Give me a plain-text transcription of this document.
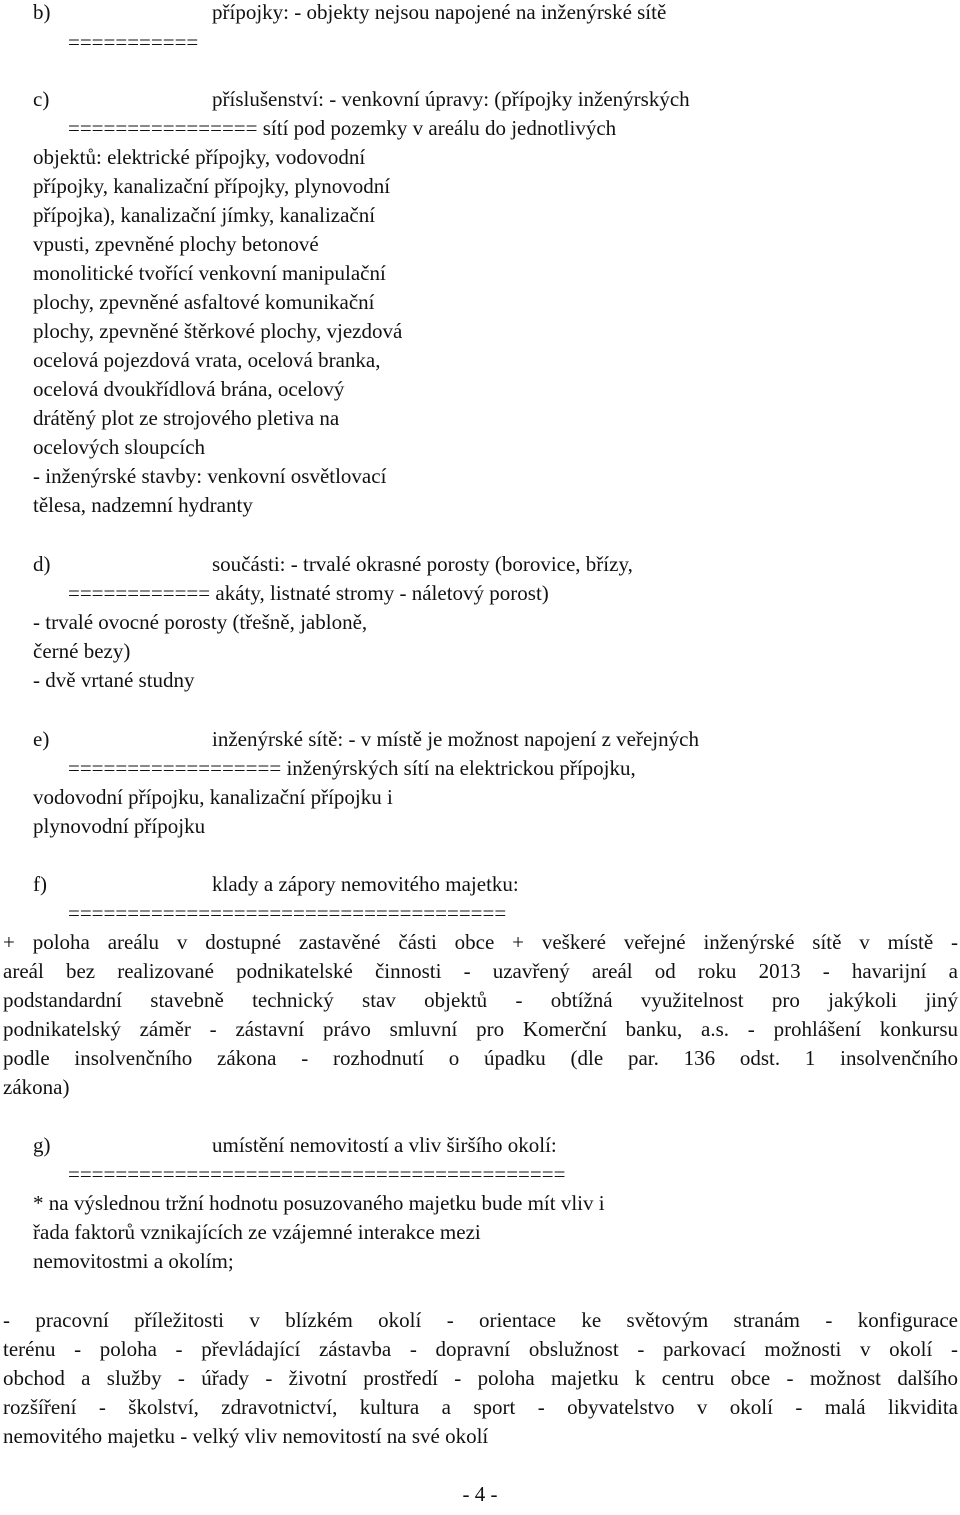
b)	přípojky: - objekty nejsou napojené na inženýrské sítě
===========
c)	příslušenství: - venkovní úpravy: (přípojky inženýrských
================ sítí pod pozemky v areálu do jednotlivých
objektů: elektrické přípojky, vodovodní
přípojky, kanalizační přípojky, plynovodní
přípojka), kanalizační jímky, kanalizační
vpusti, zpevněné plochy betonové
monolitické tvořící venkovní manipulační
plochy, zpevněné asfaltové komunikační
plochy, zpevněné štěrkové plochy, vjezdová
ocelová pojezdová vrata, ocelová branka,
ocelová dvoukřídlová brána, ocelový
drátěný plot ze strojového pletiva na
ocelových sloupcích
- inženýrské stavby: venkovní osvětlovací
tělesa, nadzemní hydranty
d)	součásti: - trvalé okrasné porosty (borovice, břízy,
============ akáty, listnaté stromy - náletový porost)
- trvalé ovocné porosty (třešně, jabloně,
černé bezy)
- dvě vrtané studny
e)	inženýrské sítě: - v místě je možnost napojení z veřejných
================== inženýrských sítí na elektrickou přípojku,
vodovodní přípojku, kanalizační přípojku i
plynovodní přípojku
f)	klady a zápory nemovitého majetku:
=====================================
+ poloha areálu v dostupné zastavěné části obce + veškeré veřejné inženýrské sítě v místě -
areál bez realizované podnikatelské činnosti - uzavřený areál od roku 2013 - havarijní a
podstandardní stavebně technický stav objektů - obtížná využitelnost pro jakýkoli jiný
podnikatelský záměr - zástavní právo smluvní pro Komerční banku, a.s. - prohlášení konkursu
podle insolvenčního zákona - rozhodnutí o úpadku (dle par. 136 odst. 1 insolvenčního
zákona)
g)	umístění nemovitostí a vliv širšího okolí:
==========================================
* na výslednou tržní hodnotu posuzovaného majetku bude mít vliv i
řada faktorů vznikajících ze vzájemné interakce mezi
nemovitostmi a okolím;
- pracovní příležitosti v blízkém okolí - orientace ke světovým stranám - konfigurace
terénu - poloha - převládající zástavba - dopravní obslužnost - parkovací možnosti v okolí -
obchod a služby - úřady - životní prostředí - poloha majetku k centru obce - možnost dalšího
rozšíření - školství, zdravotnictví, kultura a sport - obyvatelstvo v okolí - malá likvidita
nemovitého majetku - velký vliv nemovitostí na své okolí
- 4 -
